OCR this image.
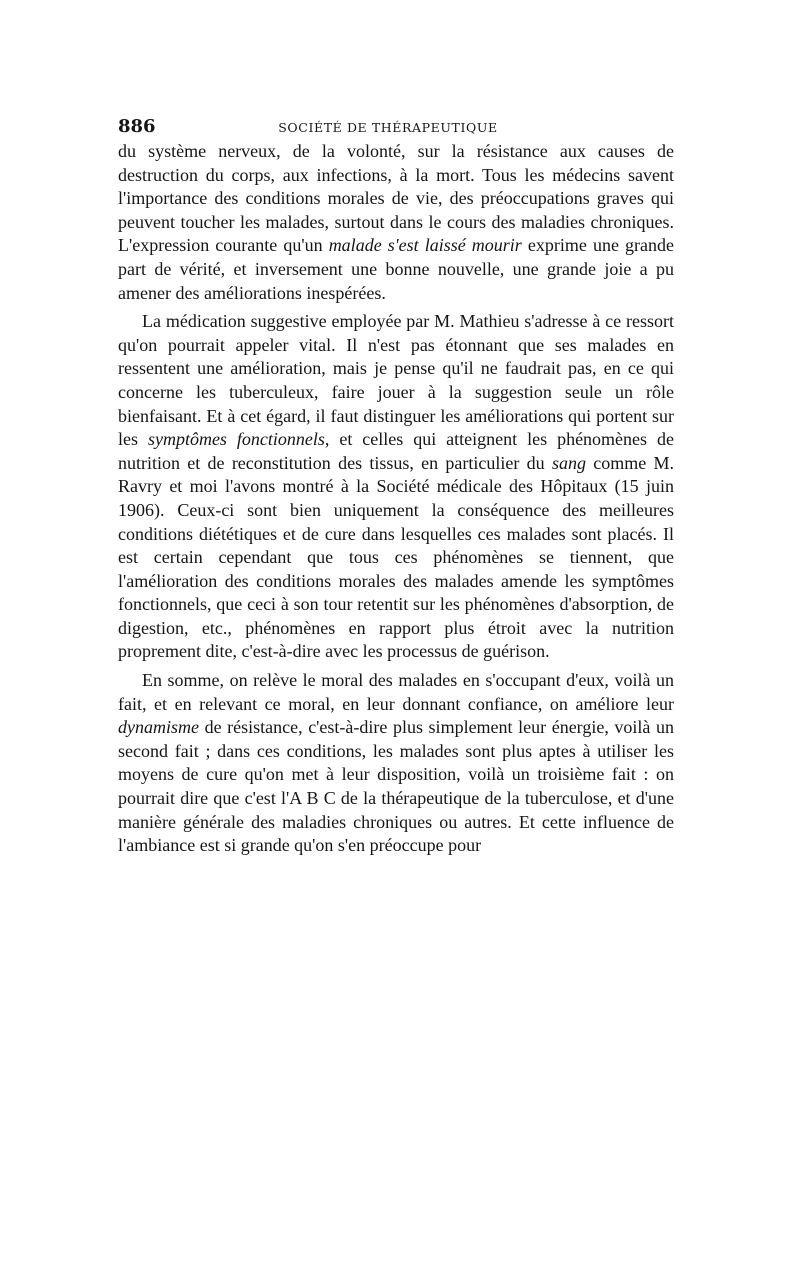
886	SOCIÉTÉ DE THÉRAPEUTIQUE

du système nerveux, de la volonté, sur la résistance aux causes de destruction du corps, aux infections, à la mort. Tous les médecins savent l'importance des conditions morales de vie, des préoccupations graves qui peuvent toucher les malades, surtout dans le cours des maladies chroniques. L'expression courante qu'un malade s'est laissé mourir exprime une grande part de vérité, et inversement une bonne nouvelle, une grande joie a pu amener des améliorations inespérées.

La médication suggestive employée par M. Mathieu s'adresse à ce ressort qu'on pourrait appeler vital. Il n'est pas étonnant que ses malades en ressentent une amélioration, mais je pense qu'il ne faudrait pas, en ce qui concerne les tuberculeux, faire jouer à la suggestion seule un rôle bienfaisant. Et à cet égard, il faut distinguer les améliorations qui portent sur les symptômes fonctionnels, et celles qui atteignent les phénomènes de nutrition et de reconstitution des tissus, en particulier du sang comme M. Ravry et moi l'avons montré à la Société médicale des Hôpitaux (15 juin 1906). Ceux-ci sont bien uniquement la conséquence des meilleures conditions diététiques et de cure dans lesquelles ces malades sont placés. Il est certain cependant que tous ces phénomènes se tiennent, que l'amélioration des conditions morales des malades amende les symptômes fonctionnels, que ceci à son tour retentit sur les phénomènes d'absorption, de digestion, etc., phénomènes en rapport plus étroit avec la nutrition proprement dite, c'est-à-dire avec les processus de guérison.

En somme, on relève le moral des malades en s'occupant d'eux, voilà un fait, et en relevant ce moral, en leur donnant confiance, on améliore leur dynamisme de résistance, c'est-à-dire plus simplement leur énergie, voilà un second fait ; dans ces conditions, les malades sont plus aptes à utiliser les moyens de cure qu'on met à leur disposition, voilà un troisième fait : on pourrait dire que c'est l'A B C de la thérapeutique de la tuberculose, et d'une manière générale des maladies chroniques ou autres. Et cette influence de l'ambiance est si grande qu'on s'en préoccupe pour
